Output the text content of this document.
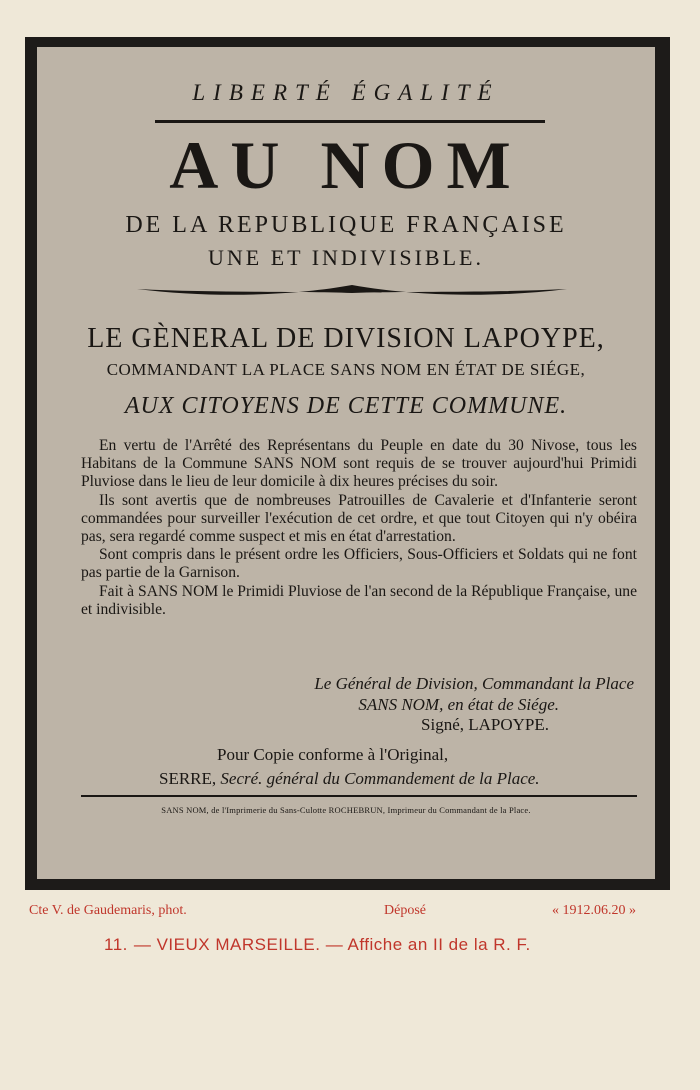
LIBERTÉ ÉGALITÉ
AU NOM
DE LA REPUBLIQUE FRANÇAISE
UNE ET INDIVISIBLE.
LE GÈNERAL DE DIVISION LAPOYPE,
COMMANDANT LA PLACE SANS NOM EN ÉTAT DE SIÉGE,
AUX CITOYENS DE CETTE COMMUNE.

En vertu de l'Arrêté des Représentans du Peuple en date du 30 Nivose, tous les Habitans de la Commune SANS NOM sont requis de se trouver aujourd'hui Primidi Pluviose dans le lieu de leur domicile à dix heures précises du soir.

Ils sont avertis que de nombreuses Patrouilles de Cavalerie et d'Infanterie seront commandées pour surveiller l'exécution de cet ordre, et que tout Citoyen qui n'y obéira pas, sera regardé comme suspect et mis en état d'arrestation.

Sont compris dans le présent ordre les Officiers, Sous-Officiers et Soldats qui ne font pas partie de la Garnison.

Fait à SANS NOM le Primidi Pluviose de l'an second de la République Française, une et indivisible.

Le Général de Division, Commandant la Place
SANS NOM, en état de Siége.
Signé, LAPOYPE.
Pour Copie conforme à l'Original,
SERRE, Secré. général du Commandement de la Place.
SANS NOM, de l'Imprimerie du Sans-Culotte ROCHEBRUN, Imprimeur du Commandant de la Place.
Cte V. de Gaudemaris, phot.	Déposé	« 1912.06.20 »
11. — VIEUX MARSEILLE. — Affiche an II de la R. F.
